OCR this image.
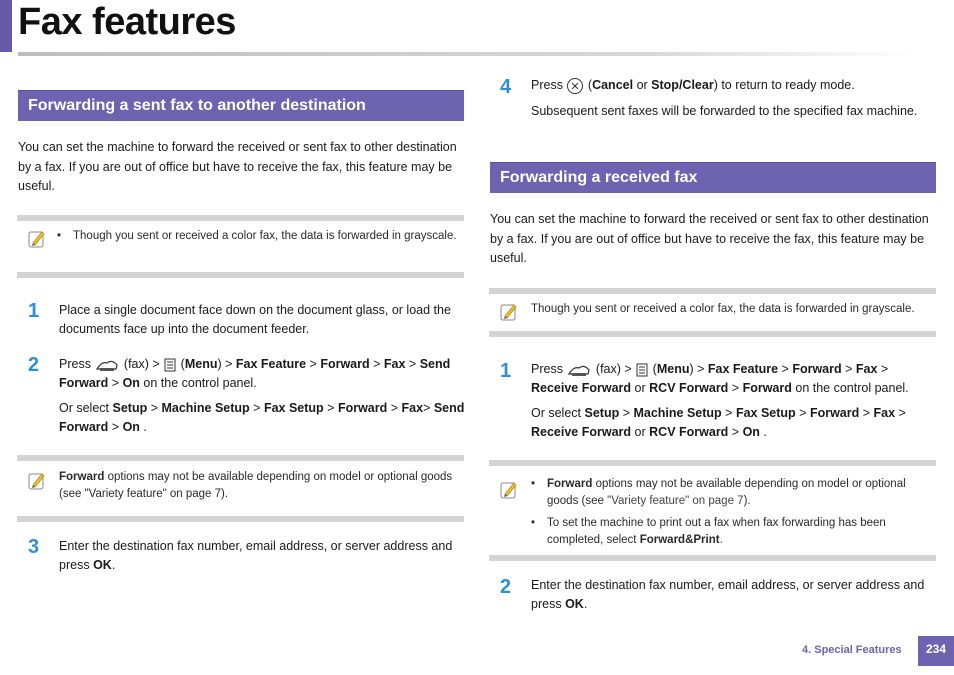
Fax features
Forwarding a sent fax to another destination
You can set the machine to forward the received or sent fax to other destination by a fax. If you are out of office but have to receive the fax, this feature may be useful.
•	Though you sent or received a color fax, the data is forwarded in grayscale.
1 Place a single document face down on the document glass, or load the documents face up into the document feeder.
2 Press	(fax) > (Menu) > Fax Feature > Forward > Fax > Send Forward > On on the control panel.
Or select Setup > Machine Setup > Fax Setup > Forward > Fax> Send Forward > On .
Forward options may not be available depending on model or optional goods (see "Variety feature" on page 7).
3 Enter the destination fax number, email address, or server address and press OK.
4 Press  (Cancel or Stop/Clear) to return to ready mode.
Subsequent sent faxes will be forwarded to the specified fax machine.
Forwarding a received fax
You can set the machine to forward the received or sent fax to other destination by a fax. If you are out of office but have to receive the fax, this feature may be useful.
Though you sent or received a color fax, the data is forwarded in grayscale.
1 Press	(fax) >  (Menu) > Fax Feature > Forward > Fax > Receive Forward or RCV Forward > Forward on the control panel.
Or select Setup > Machine Setup > Fax Setup > Forward > Fax > Receive Forward or RCV Forward > On .
•	Forward options may not be available depending on model or optional goods (see "Variety feature" on page 7).
•	To set the machine to print out a fax when fax forwarding has been completed, select Forward&Print.
2 Enter the destination fax number, email address, or server address and press OK.
4. Special Features	234
